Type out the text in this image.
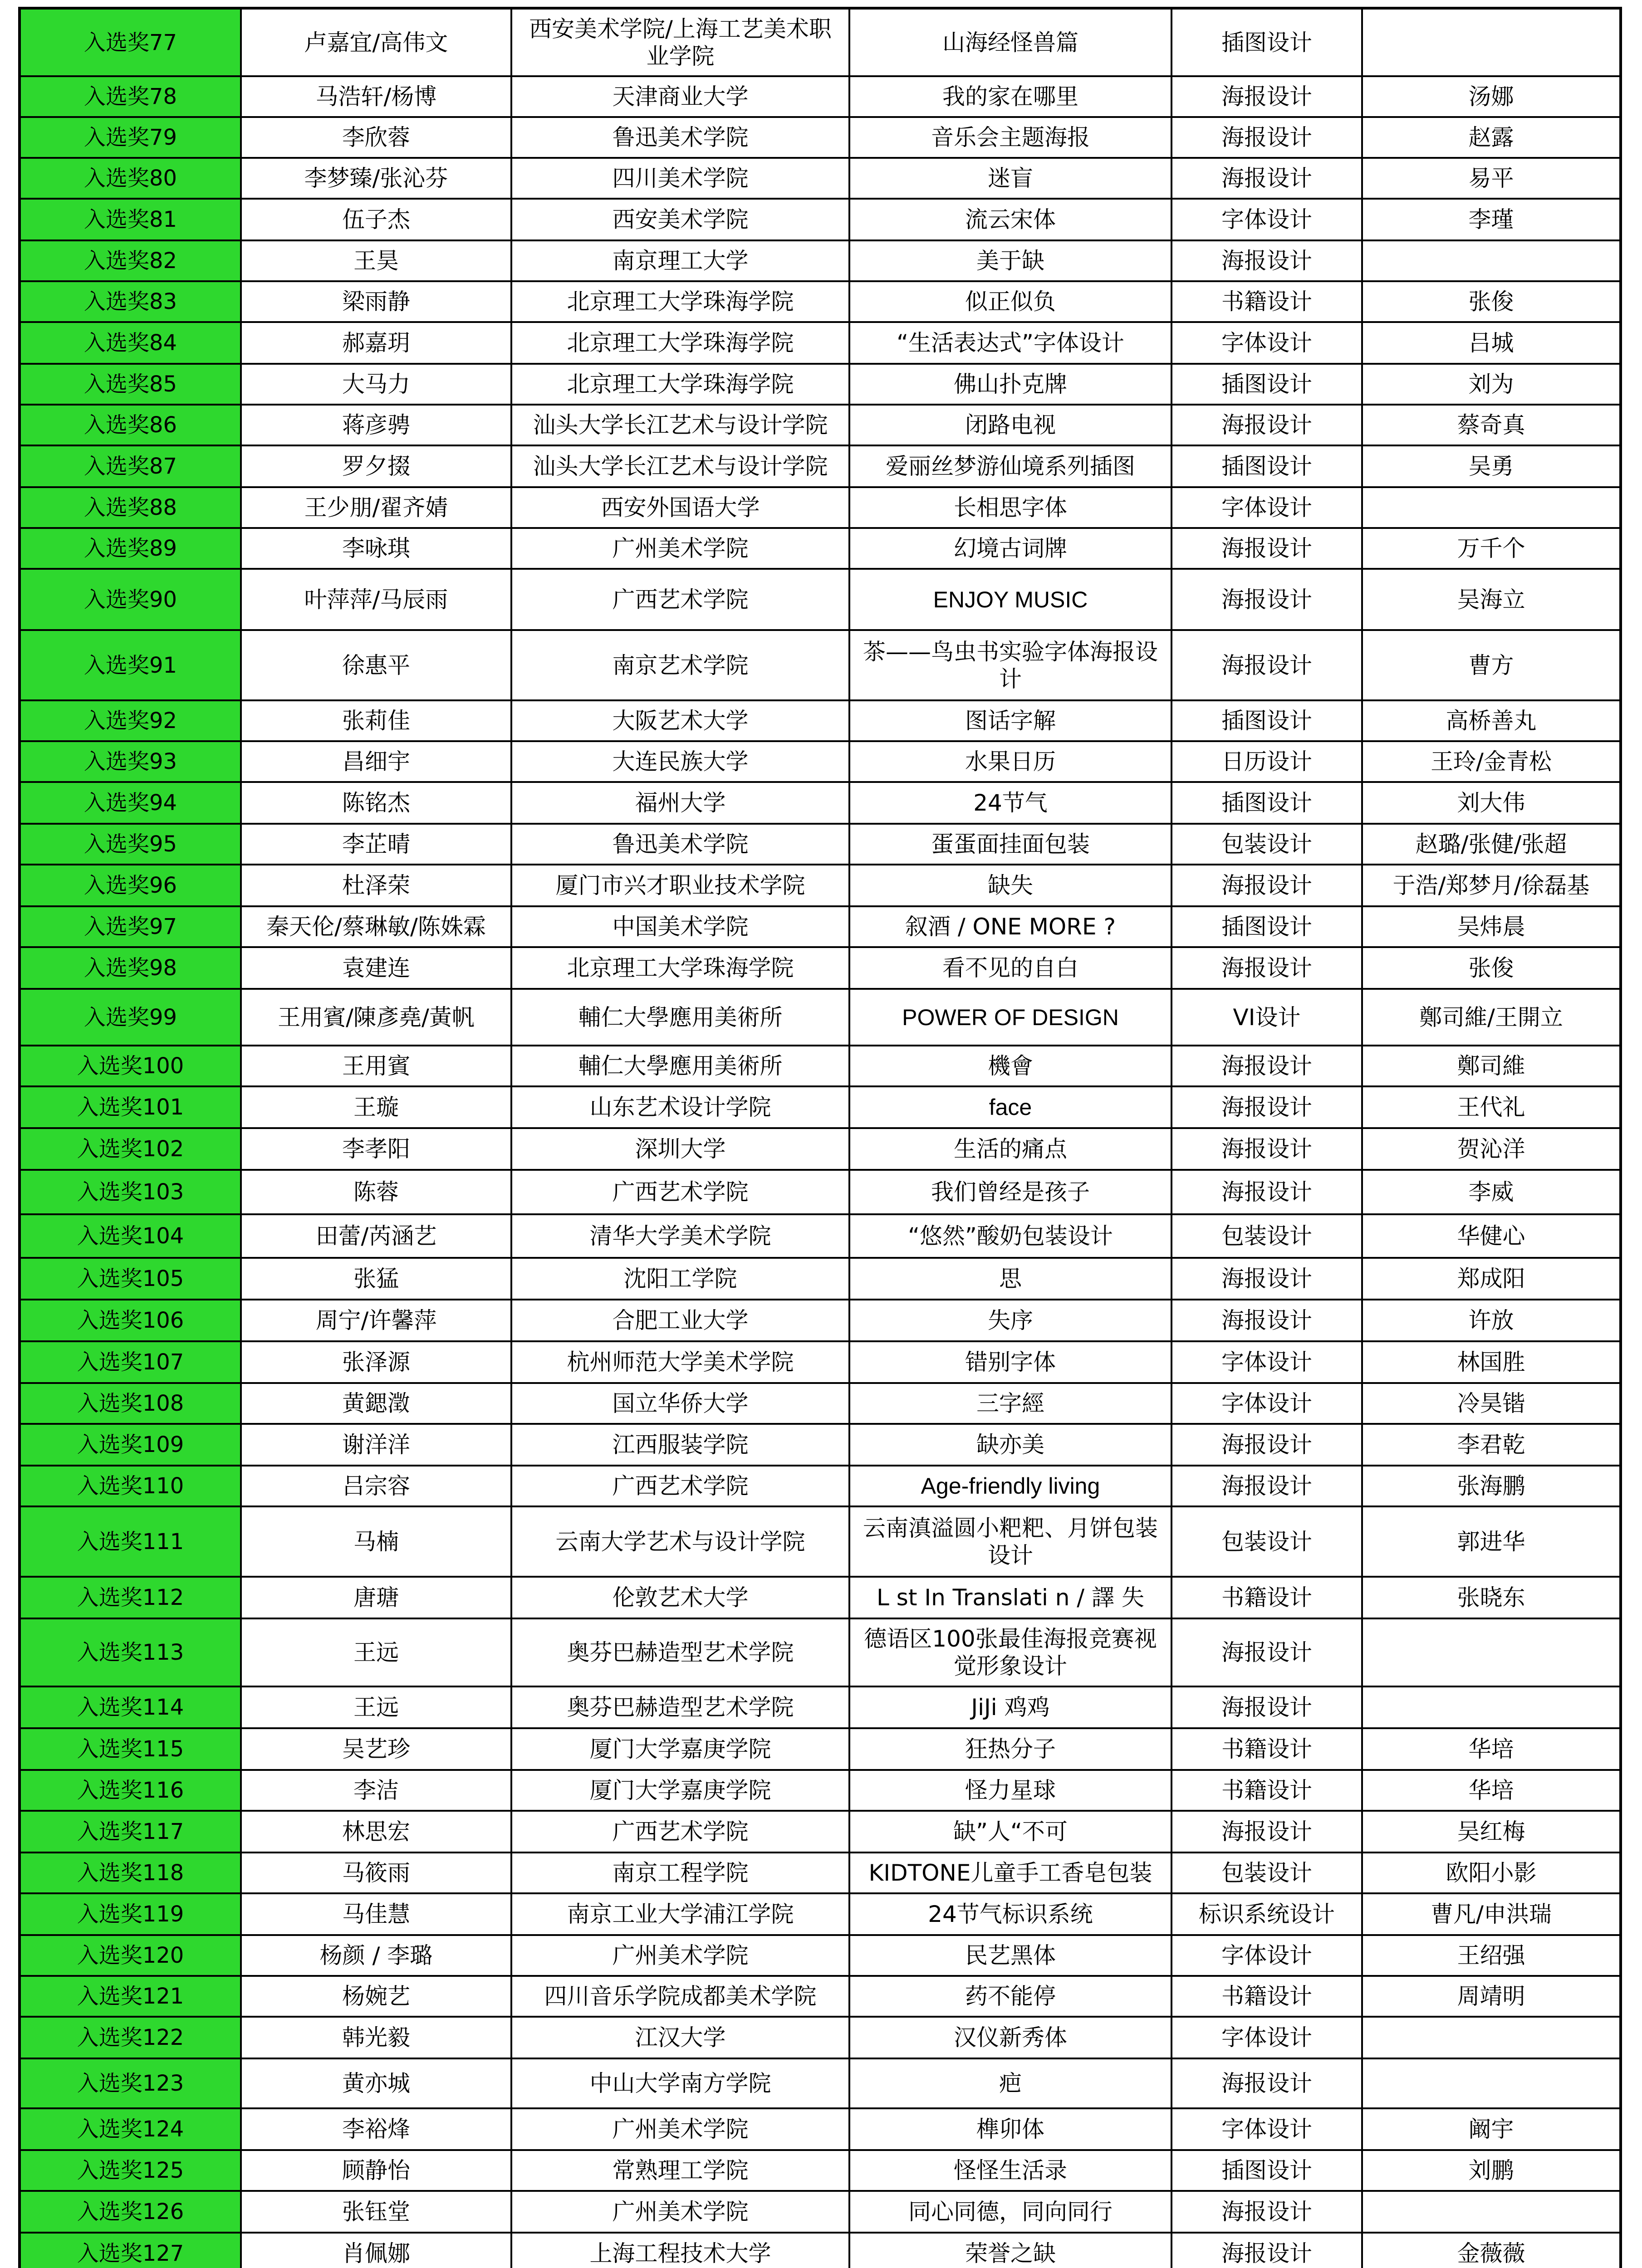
入选奖77	卢嘉宜/高伟文	西安美术学院/上海工艺美术职业学院	山海经怪兽篇	插图设计	
入选奖78	马浩轩/杨博	天津商业大学	我的家在哪里	海报设计	汤娜
入选奖79	李欣蓉	鲁迅美术学院	音乐会主题海报	海报设计	赵露
入选奖80	李梦臻/张沁芬	四川美术学院	迷盲	海报设计	易平
入选奖81	伍子杰	西安美术学院	流云宋体	字体设计	李瑾
入选奖82	王昊	南京理工大学	美于缺	海报设计	
入选奖83	梁雨静	北京理工大学珠海学院	似正似负	书籍设计	张俊
入选奖84	郝嘉玥	北京理工大学珠海学院	“生活表达式”字体设计	字体设计	吕城
入选奖85	大马力	北京理工大学珠海学院	佛山扑克牌	插图设计	刘为
入选奖86	蒋彦骋	汕头大学长江艺术与设计学院	闭路电视	海报设计	蔡奇真
入选奖87	罗夕掇	汕头大学长江艺术与设计学院	爱丽丝梦游仙境系列插图	插图设计	吴勇
入选奖88	王少朋/翟齐婧	西安外国语大学	长相思字体	字体设计	
入选奖89	李咏琪	广州美术学院	幻境古词牌	海报设计	万千个
入选奖90	叶萍萍/马辰雨	广西艺术学院	ENJOY MUSIC	海报设计	吴海立
入选奖91	徐惠平	南京艺术学院	茶——鸟虫书实验字体海报设计	海报设计	曹方
入选奖92	张莉佳	大阪艺术大学	图话字解	插图设计	高桥善丸
入选奖93	昌细宇	大连民族大学	水果日历	日历设计	王玲/金青松
入选奖94	陈铭杰	福州大学	24节气	插图设计	刘大伟
入选奖95	李芷晴	鲁迅美术学院	蛋蛋面挂面包装	包装设计	赵璐/张健/张超
入选奖96	杜泽荣	厦门市兴才职业技术学院	缺失	海报设计	于浩/郑梦月/徐磊基
入选奖97	秦天伦/蔡琳敏/陈姝霖	中国美术学院	叙酒 / ONE MORE ?	插图设计	吴炜晨
入选奖98	袁建连	北京理工大学珠海学院	看不见的自白	海报设计	张俊
入选奖99	王用賓/陳彥堯/黃帆	輔仁大學應用美術所	POWER OF DESIGN	VI设计	鄭司維/王開立
入选奖100	王用賓	輔仁大學應用美術所	機會	海报设计	鄭司維
入选奖101	王璇	山东艺术设计学院	face	海报设计	王代礼
入选奖102	李孝阳	深圳大学	生活的痛点	海报设计	贺沁洋
入选奖103	陈蓉	广西艺术学院	我们曾经是孩子	海报设计	李威
入选奖104	田蕾/芮涵艺	清华大学美术学院	“悠然”酸奶包装设计	包装设计	华健心
入选奖105	张猛	沈阳工学院	思	海报设计	郑成阳
入选奖106	周宁/许馨萍	合肥工业大学	失序	海报设计	许放
入选奖107	张泽源	杭州师范大学美术学院	错别字体	字体设计	林国胜
入选奖108	黄鍶澂	国立华侨大学	三字經	字体设计	冷昊锴
入选奖109	谢洋洋	江西服装学院	缺亦美	海报设计	李君乾
入选奖110	吕宗容	广西艺术学院	Age-friendly living	海报设计	张海鹏
入选奖111	马楠	云南大学艺术与设计学院	云南滇溢圆小粑粑、月饼包装设计	包装设计	郭进华
入选奖112	唐瑭	伦敦艺术大学	L st In Translati n / 譯 失	书籍设计	张晓东
入选奖113	王远	奥芬巴赫造型艺术学院	德语区100张最佳海报竞赛视觉形象设计	海报设计	
入选奖114	王远	奥芬巴赫造型艺术学院	JiJi 鸡鸡	海报设计	
入选奖115	吴艺珍	厦门大学嘉庚学院	狂热分子	书籍设计	华培
入选奖116	李洁	厦门大学嘉庚学院	怪力星球	书籍设计	华培
入选奖117	林思宏	广西艺术学院	缺”人“不可	海报设计	吴红梅
入选奖118	马筱雨	南京工程学院	KIDTONE儿童手工香皂包装	包装设计	欧阳小影
入选奖119	马佳慧	南京工业大学浦江学院	24节气标识系统	标识系统设计	曹凡/申洪瑞
入选奖120	杨颜 / 李璐	广州美术学院	民艺黑体	字体设计	王绍强
入选奖121	杨婉艺	四川音乐学院成都美术学院	药不能停	书籍设计	周靖明
入选奖122	韩光毅	江汉大学	汉仪新秀体	字体设计	
入选奖123	黄亦城	中山大学南方学院	疤	海报设计	
入选奖124	李裕烽	广州美术学院	榫卯体	字体设计	阚宇
入选奖125	顾静怡	常熟理工学院	怪怪生活录	插图设计	刘鹏
入选奖126	张钰堂	广州美术学院	同心同德，同向同行	海报设计	
入选奖127	肖佩娜	上海工程技术大学	荣誉之缺	海报设计	金薇薇
